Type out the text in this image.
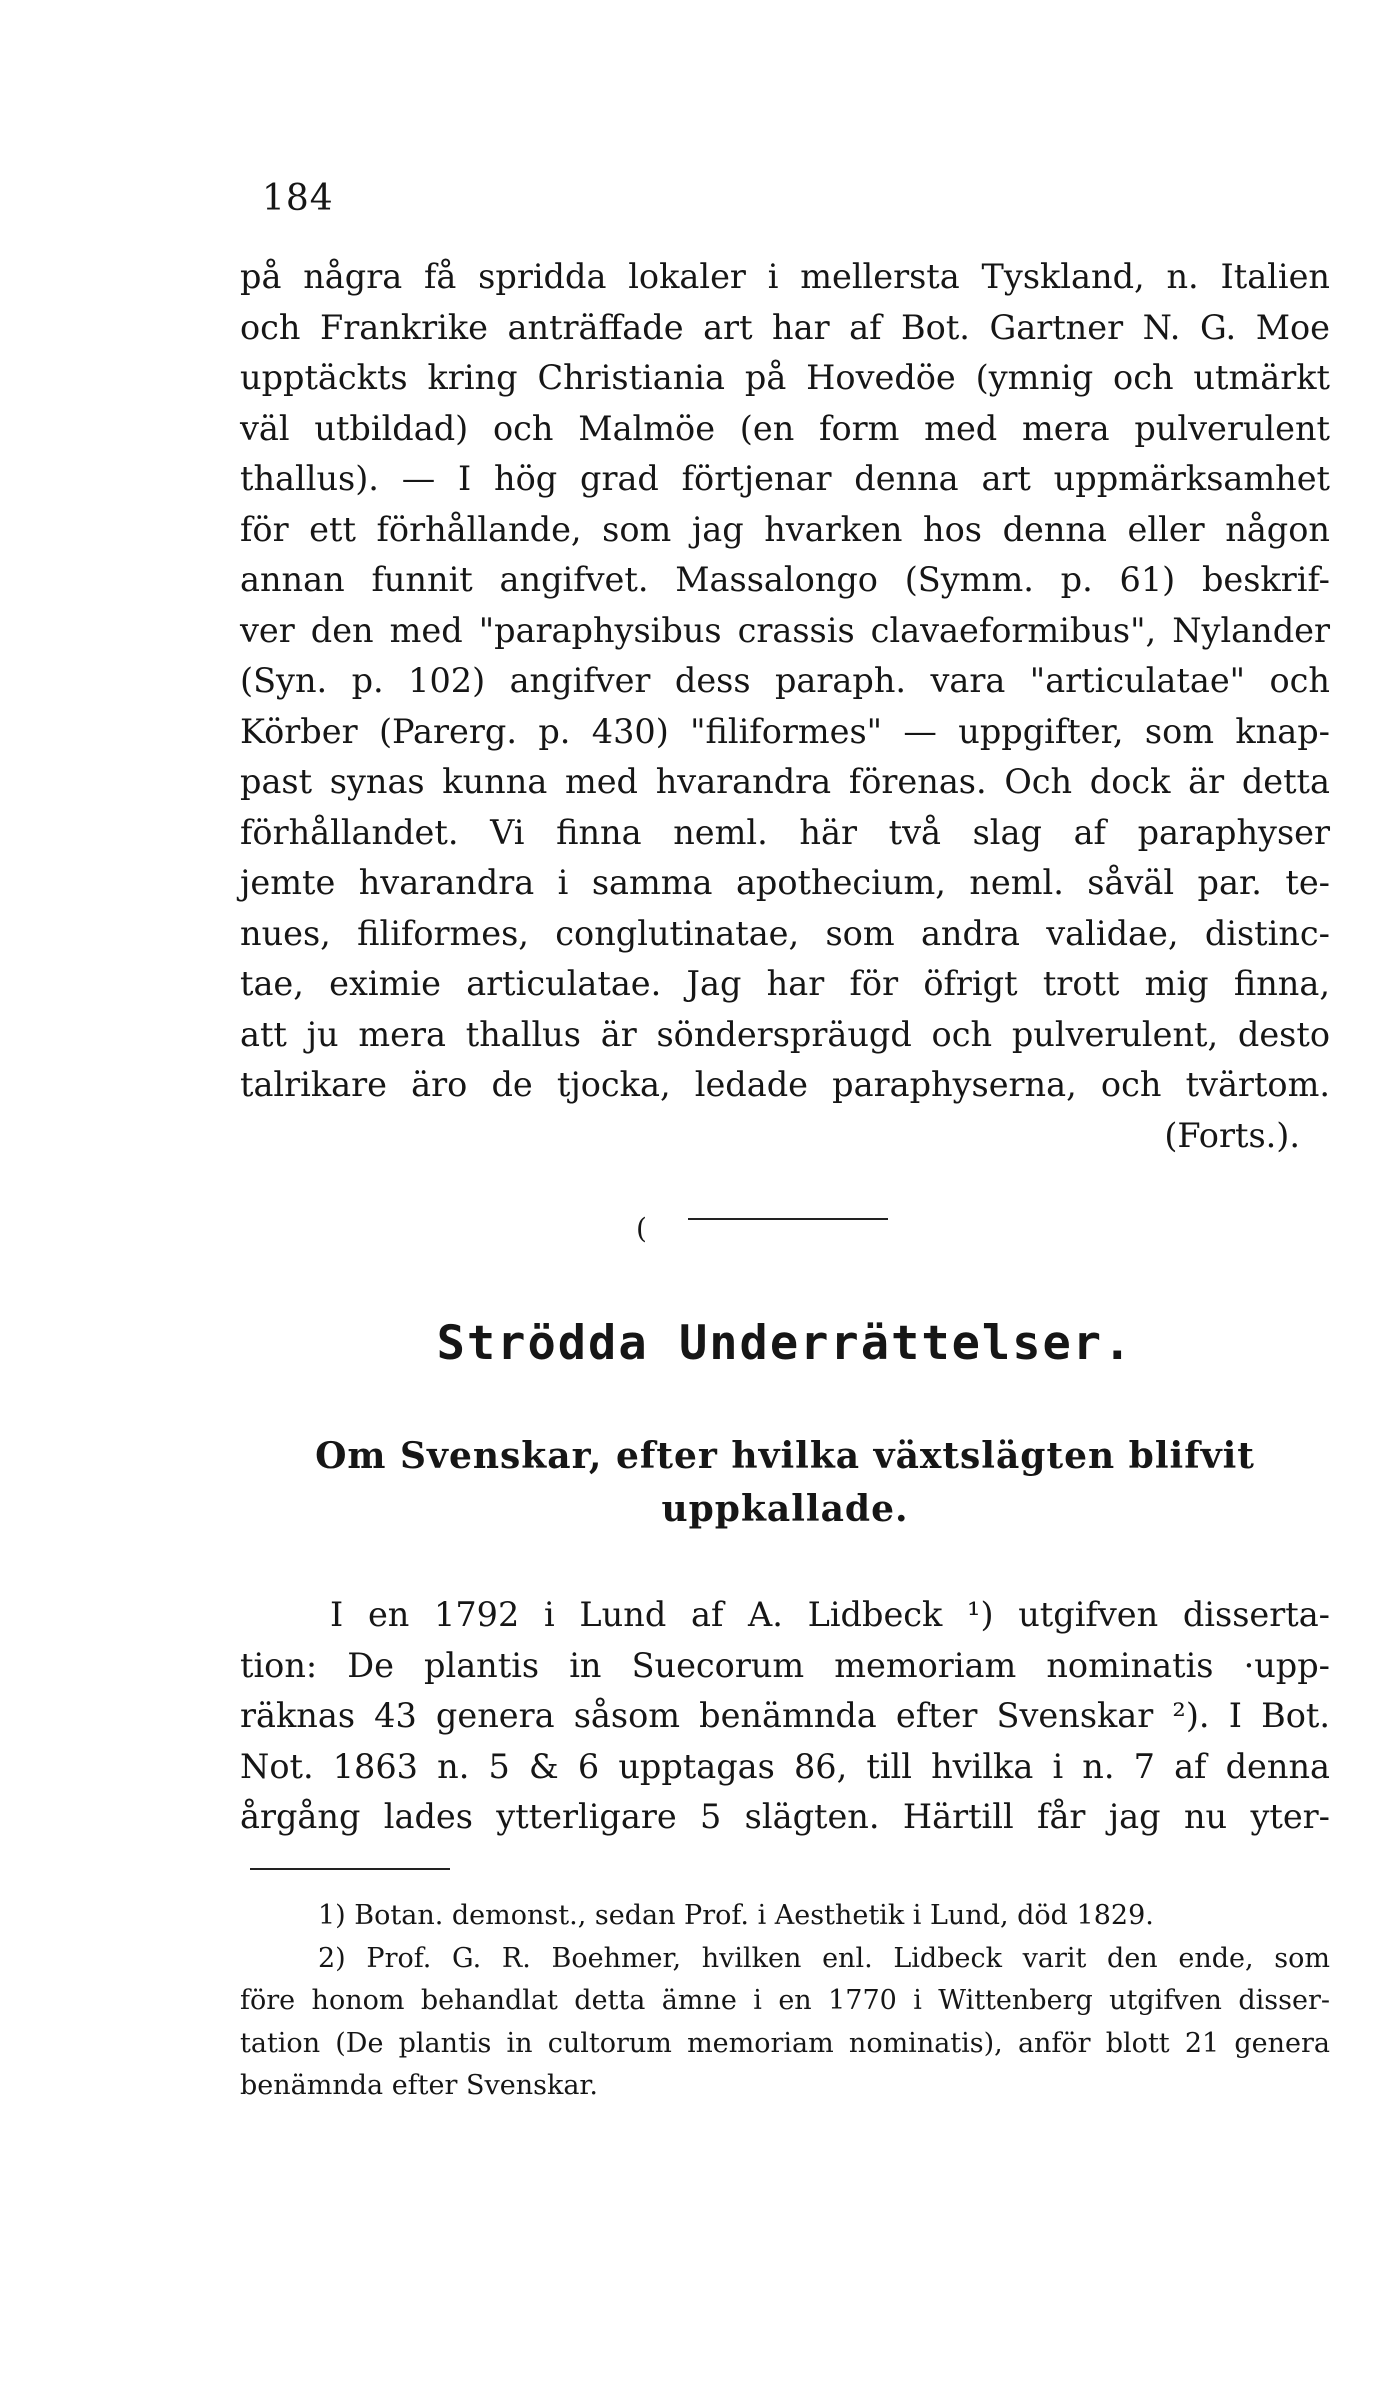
184
på några få spridda lokaler i mellersta Tyskland, n. Italien
och Frankrike anträffade art har af Bot. Gartner N. G. Moe
upptäckts kring Christiania på Hovedöe (ymnig och utmärkt
väl utbildad) och Malmöe (en form med mera pulverulent
thallus). — I hög grad förtjenar denna art uppmärksamhet
för ett förhållande, som jag hvarken hos denna eller någon
annan funnit angifvet. Massalongo (Symm. p. 61) beskrif-
ver den med "paraphysibus crassis clavaeformibus", Nylander
(Syn. p. 102) angifver dess paraph. vara "articulatae" och
Körber (Parerg. p. 430) "filiformes" — uppgifter, som knap-
past synas kunna med hvarandra förenas. Och dock är detta
förhållandet. Vi finna neml. här två slag af paraphyser
jemte hvarandra i samma apothecium, neml. såväl par. te-
nues, filiformes, conglutinatae, som andra validae, distinc-
tae, eximie articulatae. Jag har för öfrigt trott mig finna,
att ju mera thallus är sönderspräugd och pulverulent, desto
talrikare äro de tjocka, ledade paraphyserna, och tvärtom.
(Forts.).
(
Strödda Underrättelser.
Om Svenskar, efter hvilka växtslägten blifvit
uppkallade.
I en 1792 i Lund af A. Lidbeck ¹) utgifven disserta-
tion: De plantis in Suecorum memoriam nominatis ·upp-
räknas 43 genera såsom benämnda efter Svenskar ²). I Bot.
Not. 1863 n. 5 & 6 upptagas 86, till hvilka i n. 7 af denna
årgång lades ytterligare 5 slägten. Härtill får jag nu yter-
1) Botan. demonst., sedan Prof. i Aesthetik i Lund, död 1829.
2) Prof. G. R. Boehmer, hvilken enl. Lidbeck varit den ende, som
före honom behandlat detta ämne i en 1770 i Wittenberg utgifven disser-
tation (De plantis in cultorum memoriam nominatis), anför blott 21 genera
benämnda efter Svenskar.
